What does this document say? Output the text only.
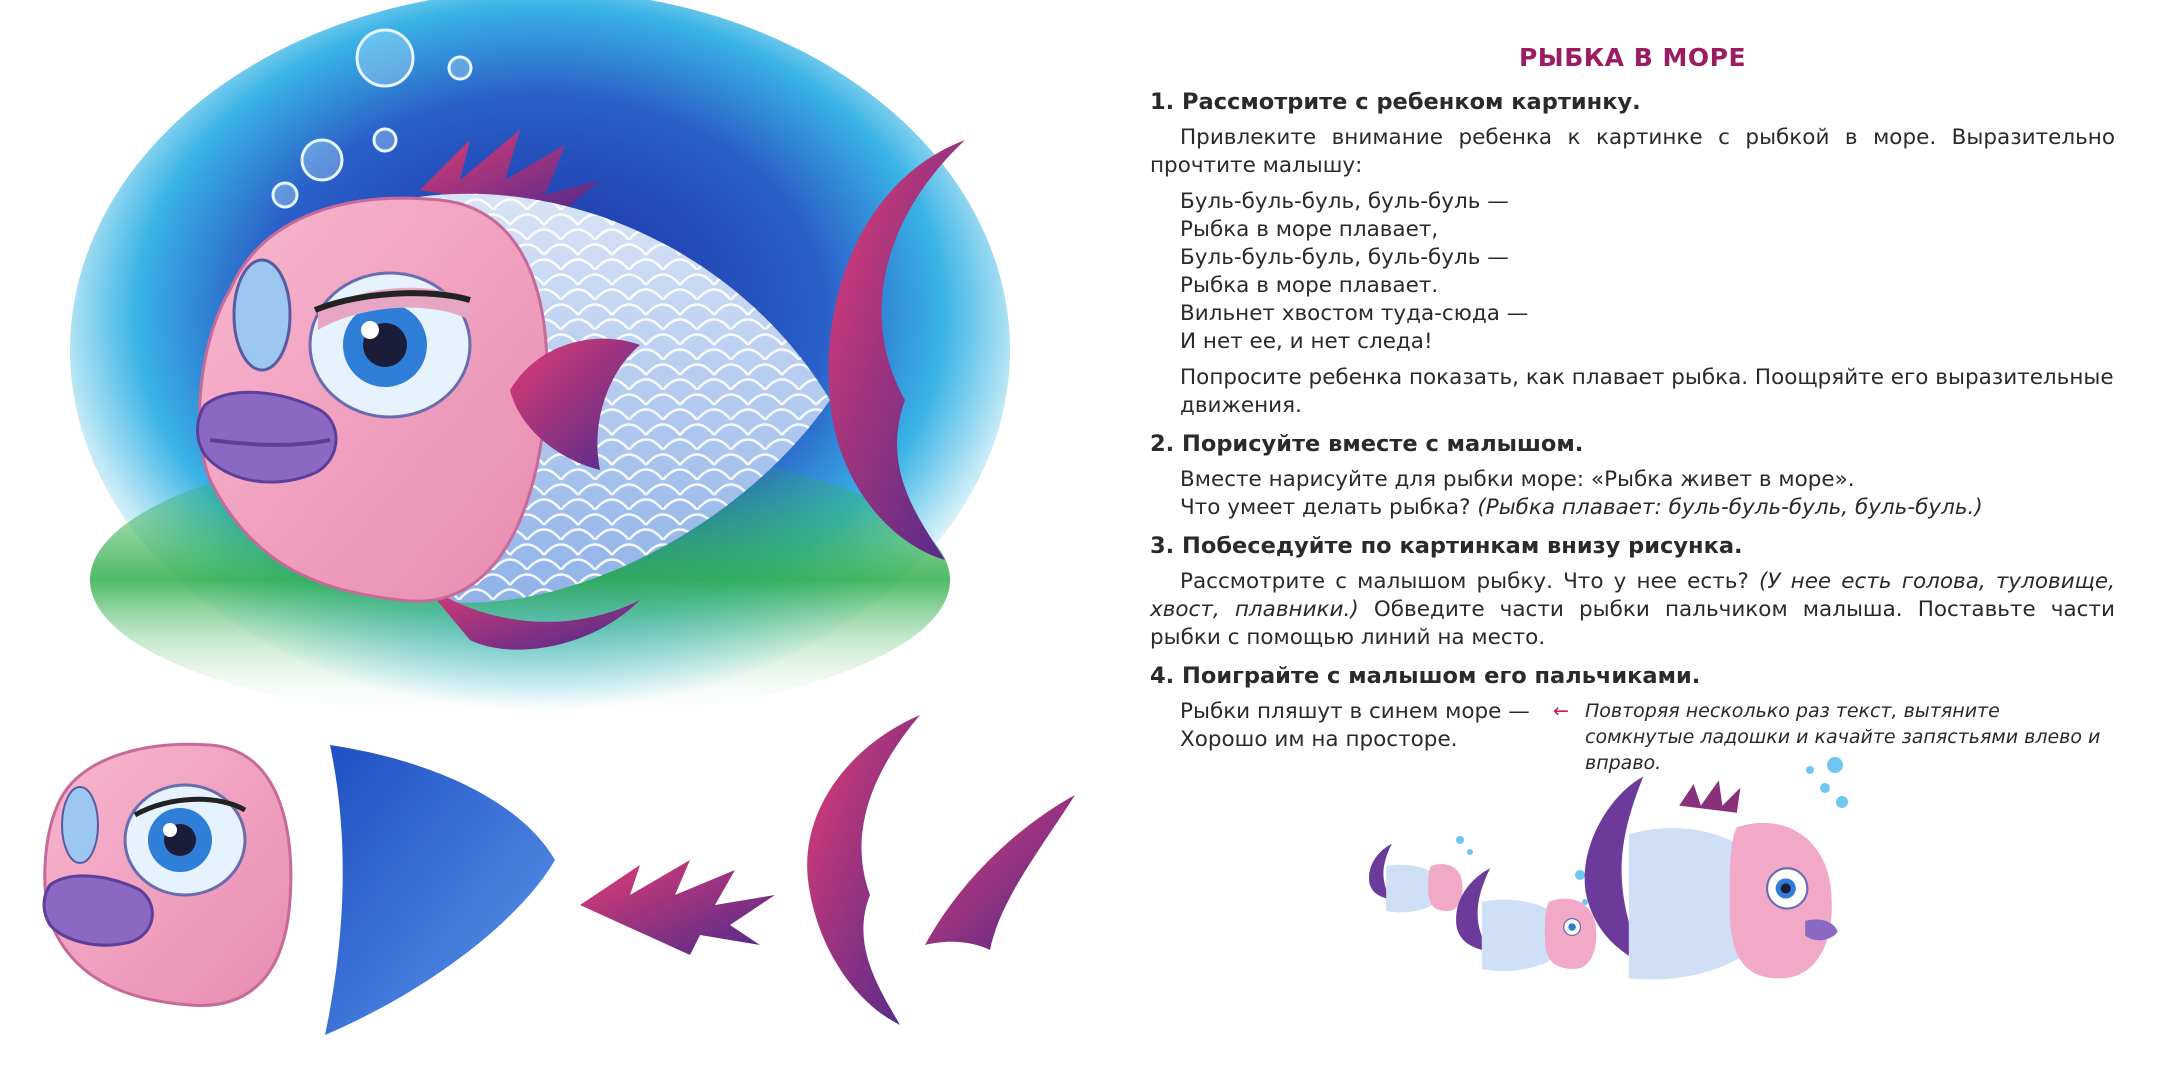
РЫБКА В МОРЕ
1. Рассмотрите с ребенком картинку.
Привлеките внимание ребенка к картинке с рыбкой в море. Выразительно прочтите малышу:
Буль-буль-буль, буль-буль —
Рыбка в море плавает,
Буль-буль-буль, буль-буль —
Рыбка в море плавает.
Вильнет хвостом туда-сюда —
И нет ее, и нет следа!
Попросите ребенка показать, как плавает рыбка. Поощряйте его выразительные движения.
2. Порисуйте вместе с малышом.
Вместе нарисуйте для рыбки море: «Рыбка живет в море».
Что умеет делать рыбка? (Рыбка плавает: буль-буль-буль, буль-буль.)
3. Побеседуйте по картинкам внизу рисунка.
Рассмотрите с малышом рыбку. Что у нее есть? (У нее есть голова, туловище, хвост, плавники.) Обведите части рыбки пальчиком малыша. Поставьте части рыбки с помощью линий на место.
4. Поиграйте с малышом его пальчиками.
Рыбки пляшут в синем море —
Хорошо им на просторе.
← Повторяя несколько раз текст, вытяните сомкнутые ладошки и качайте запястьями влево и вправо.
